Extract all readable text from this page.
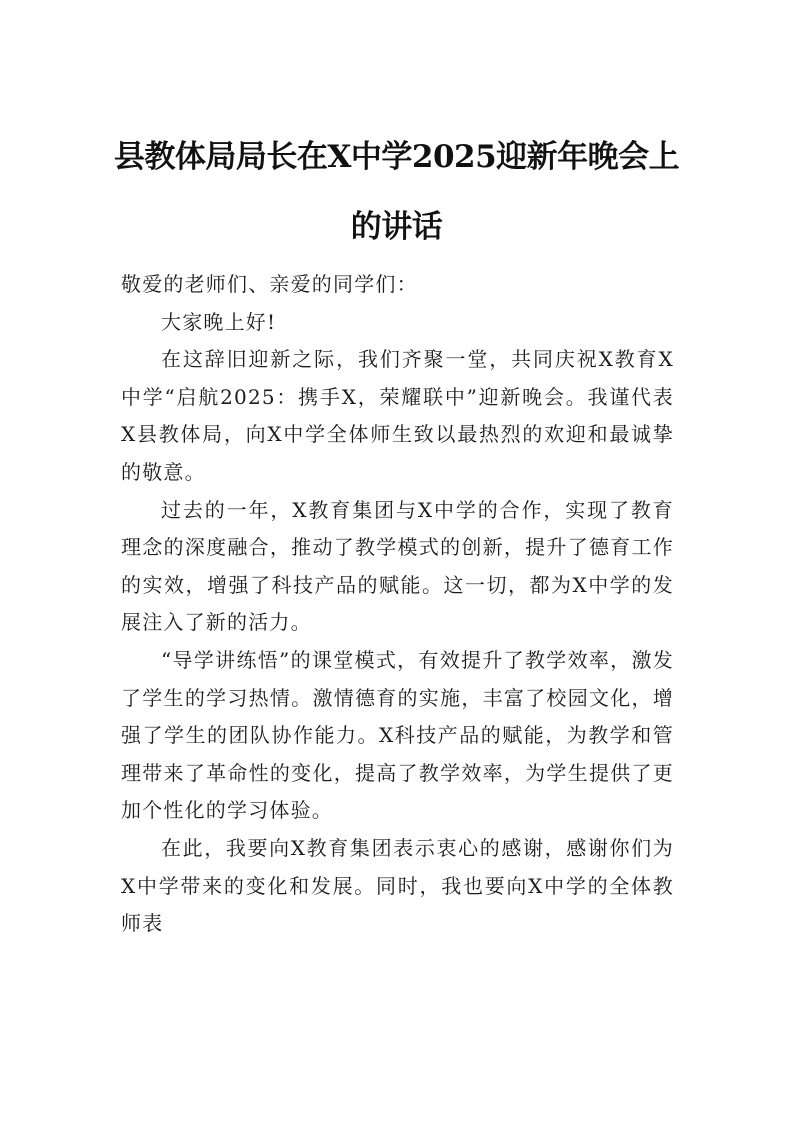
县教体局局长在X中学2025迎新年晚会上的讲话

敬爱的老师们、亲爱的同学们：

大家晚上好!

在这辞旧迎新之际，我们齐聚一堂，共同庆祝X教育X中学“启航2025：携手X，荣耀联中”迎新晚会。我谨代表X县教体局，向X中学全体师生致以最热烈的欢迎和最诚挚的敬意。

过去的一年，X教育集团与X中学的合作，实现了教育理念的深度融合，推动了教学模式的创新，提升了德育工作的实效，增强了科技产品的赋能。这一切，都为X中学的发展注入了新的活力。

“导学讲练悟”的课堂模式，有效提升了教学效率，激发了学生的学习热情。激情德育的实施，丰富了校园文化，增强了学生的团队协作能力。X科技产品的赋能，为教学和管理带来了革命性的变化，提高了教学效率，为学生提供了更加个性化的学习体验。

在此，我要向X教育集团表示衷心的感谢，感谢你们为X中学带来的变化和发展。同时，我也要向X中学的全体教师表
